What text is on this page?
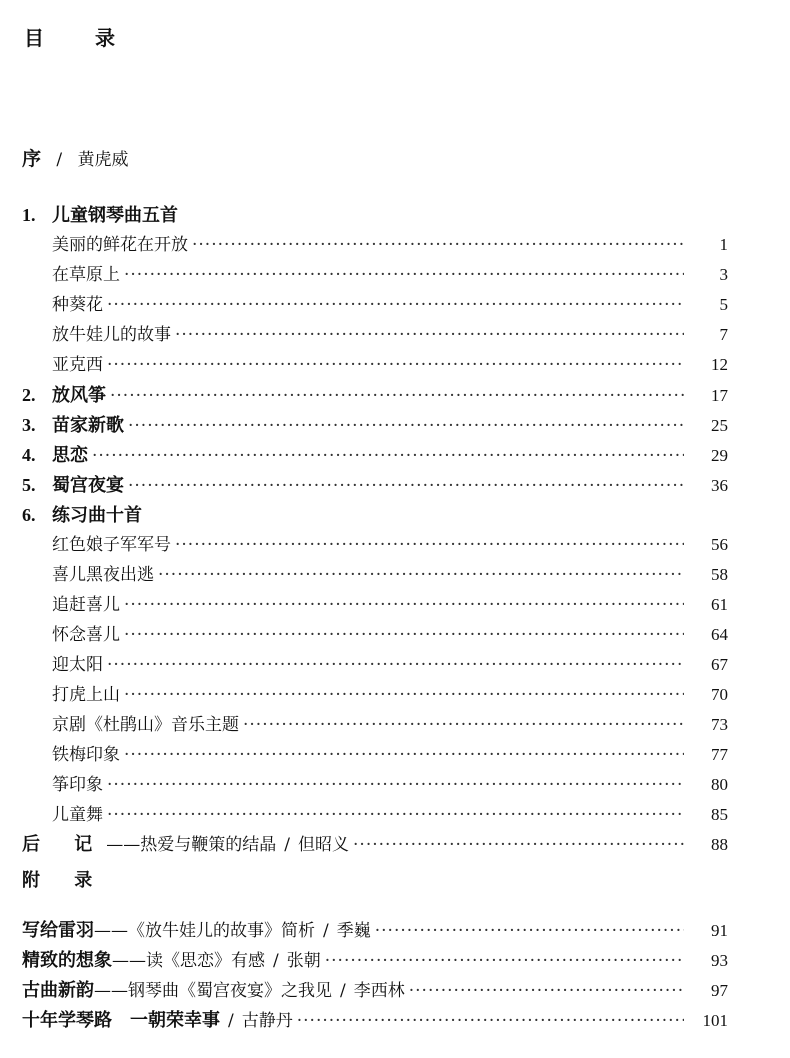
目 录
序 / 黄虎威
1. 儿童钢琴曲五首
美丽的鲜花在开放 ·····	1
在草原上 ·····	3
种葵花 ·····	5
放牛娃儿的故事 ·····	7
亚克西 ·····	12
2. 放风筝 ·····	17
3. 苗家新歌 ·····	25
4. 思恋 ·····	29
5. 蜀宫夜宴 ·····	36
6. 练习曲十首
红色娘子军军号 ·····	56
喜儿黑夜出逃 ·····	58
追赶喜儿 ·····	61
怀念喜儿 ·····	64
迎太阳 ·····	67
打虎上山 ·····	70
京剧《杜鹃山》音乐主题 ·····	73
铁梅印象 ·····	77
筝印象 ·····	80
儿童舞 ·····	85
后 记——热爱与鞭策的结晶 / 但昭义 ·····	88
附 录
写给雷羽 —— 《放牛娃儿的故事》简析 / 季巍 ·····	91
精致的想象 —— 读《思恋》有感 / 张朝 ·····	93
古曲新韵 —— 钢琴曲《蜀宫夜宴》之我见 / 李西林 ·····	97
十年学琴路 一朝荣幸事 / 古静丹 ·····	101
